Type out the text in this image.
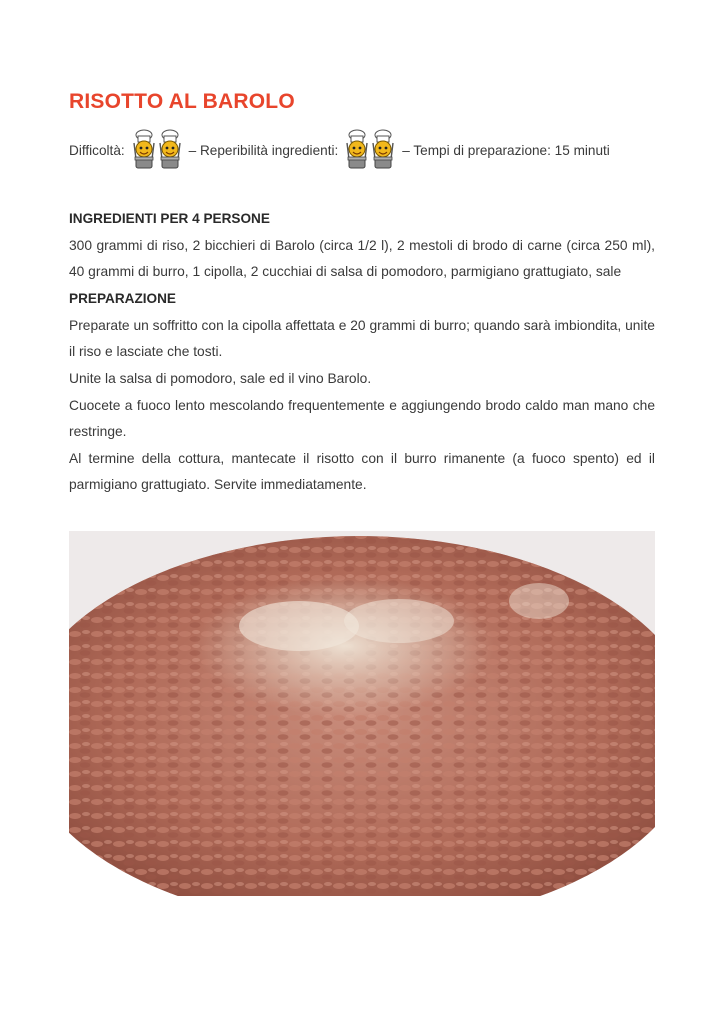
RISOTTO AL BAROLO
Difficoltà:	– Reperibilità ingredienti:	– Tempi di preparazione: 15 minuti
INGREDIENTI PER 4 PERSONE
300 grammi di riso, 2 bicchieri di Barolo (circa 1/2 l), 2 mestoli di brodo di carne (circa 250 ml), 40 grammi di burro, 1 cipolla, 2 cucchiai di salsa di pomodoro, parmigiano grattugiato, sale
PREPARAZIONE
Preparate un soffritto con la cipolla affettata e 20 grammi di burro; quando sarà imbiondita, unite il riso e lasciate che tosti.
Unite la salsa di pomodoro, sale ed il vino Barolo.
Cuocete a fuoco lento mescolando frequentemente e aggiungendo brodo caldo man mano che restringe.
Al termine della cottura, mantecate il risotto con il burro rimanente (a fuoco spento) ed il parmigiano grattugiato. Servite immediatamente.
